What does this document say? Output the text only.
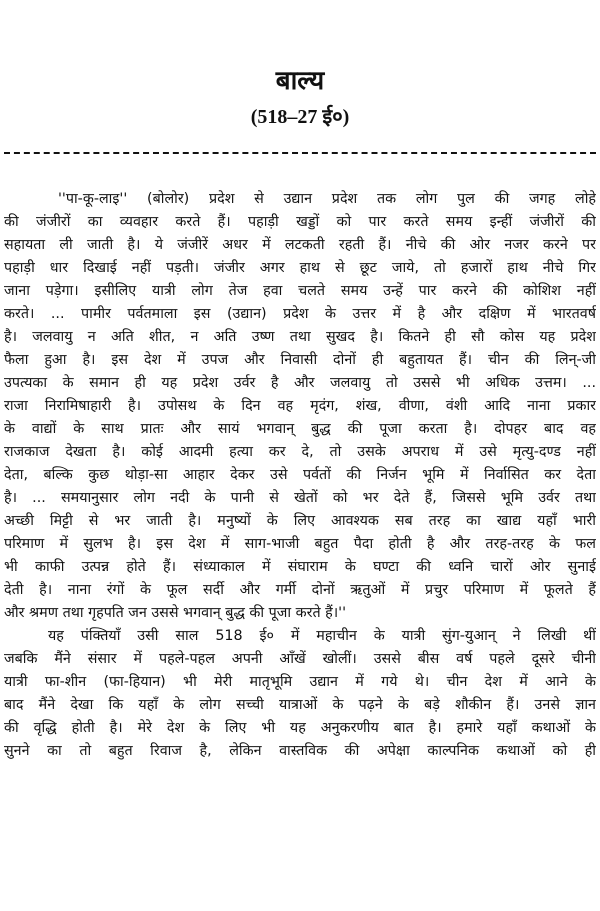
बाल्य
(518–27 ई०)
''पा-कू-लाइ'' (बोलोर) प्रदेश से उद्यान प्रदेश तक लोग पुल की जगह लोहे
की जंजीरों का व्यवहार करते हैं। पहाड़ी खड्डों को पार करते समय इन्हीं जंजीरों की
सहायता ली जाती है। ये जंजीरें अधर में लटकती रहती हैं। नीचे की ओर नजर करने पर
पहाड़ी धार दिखाई नहीं पड़ती। जंजीर अगर हाथ से छूट जाये, तो हजारों हाथ नीचे गिर
जाना पड़ेगा। इसीलिए यात्री लोग तेज हवा चलते समय उन्हें पार करने की कोशिश नहीं
करते। ... पामीर पर्वतमाला इस (उद्यान) प्रदेश के उत्तर में है और दक्षिण में भारतवर्ष
है। जलवायु न अति शीत, न अति उष्ण तथा सुखद है। कितने ही सौ कोस यह प्रदेश
फैला हुआ है। इस देश में उपज और निवासी दोनों ही बहुतायत हैं। चीन की लिन्-जी
उपत्यका के समान ही यह प्रदेश उर्वर है और जलवायु तो उससे भी अधिक उत्तम। ...
राजा निरामिषाहारी है। उपोसथ के दिन वह मृदंग, शंख, वीणा, वंशी आदि नाना प्रकार
के वाद्यों के साथ प्रातः और सायं भगवान् बुद्ध की पूजा करता है। दोपहर बाद वह
राजकाज देखता है। कोई आदमी हत्या कर दे, तो उसके अपराध में उसे मृत्यु-दण्ड नहीं
देता, बल्कि कुछ थोड़ा-सा आहार देकर उसे पर्वतों की निर्जन भूमि में निर्वासित कर देता
है। ... समयानुसार लोग नदी के पानी से खेतों को भर देते हैं, जिससे भूमि उर्वर तथा
अच्छी मिट्टी से भर जाती है। मनुष्यों के लिए आवश्यक सब तरह का खाद्य यहाँ भारी
परिमाण में सुलभ है। इस देश में साग-भाजी बहुत पैदा होती है और तरह-तरह के फल
भी काफी उत्पन्न होते हैं। संध्याकाल में संघाराम के घण्टा की ध्वनि चारों ओर सुनाई
देती है। नाना रंगों के फूल सर्दी और गर्मी दोनों ऋतुओं में प्रचुर परिमाण में फूलते हैं
और श्रमण तथा गृहपति जन उससे भगवान् बुद्ध की पूजा करते हैं।''
यह पंक्तियाँ उसी साल 518 ई० में महाचीन के यात्री सुंग-युआन् ने लिखी थीं
जबकि मैंने संसार में पहले-पहल अपनी आँखें खोलीं। उससे बीस वर्ष पहले दूसरे चीनी
यात्री फा-शीन (फा-हियान) भी मेरी मातृभूमि उद्यान में गये थे। चीन देश में आने के
बाद मैंने देखा कि यहाँ के लोग सच्ची यात्राओं के पढ़ने के बड़े शौकीन हैं। उनसे ज्ञान
की वृद्धि होती है। मेरे देश के लिए भी यह अनुकरणीय बात है। हमारे यहाँ कथाओं के
सुनने का तो बहुत रिवाज है, लेकिन वास्तविक की अपेक्षा काल्पनिक कथाओं को ही
